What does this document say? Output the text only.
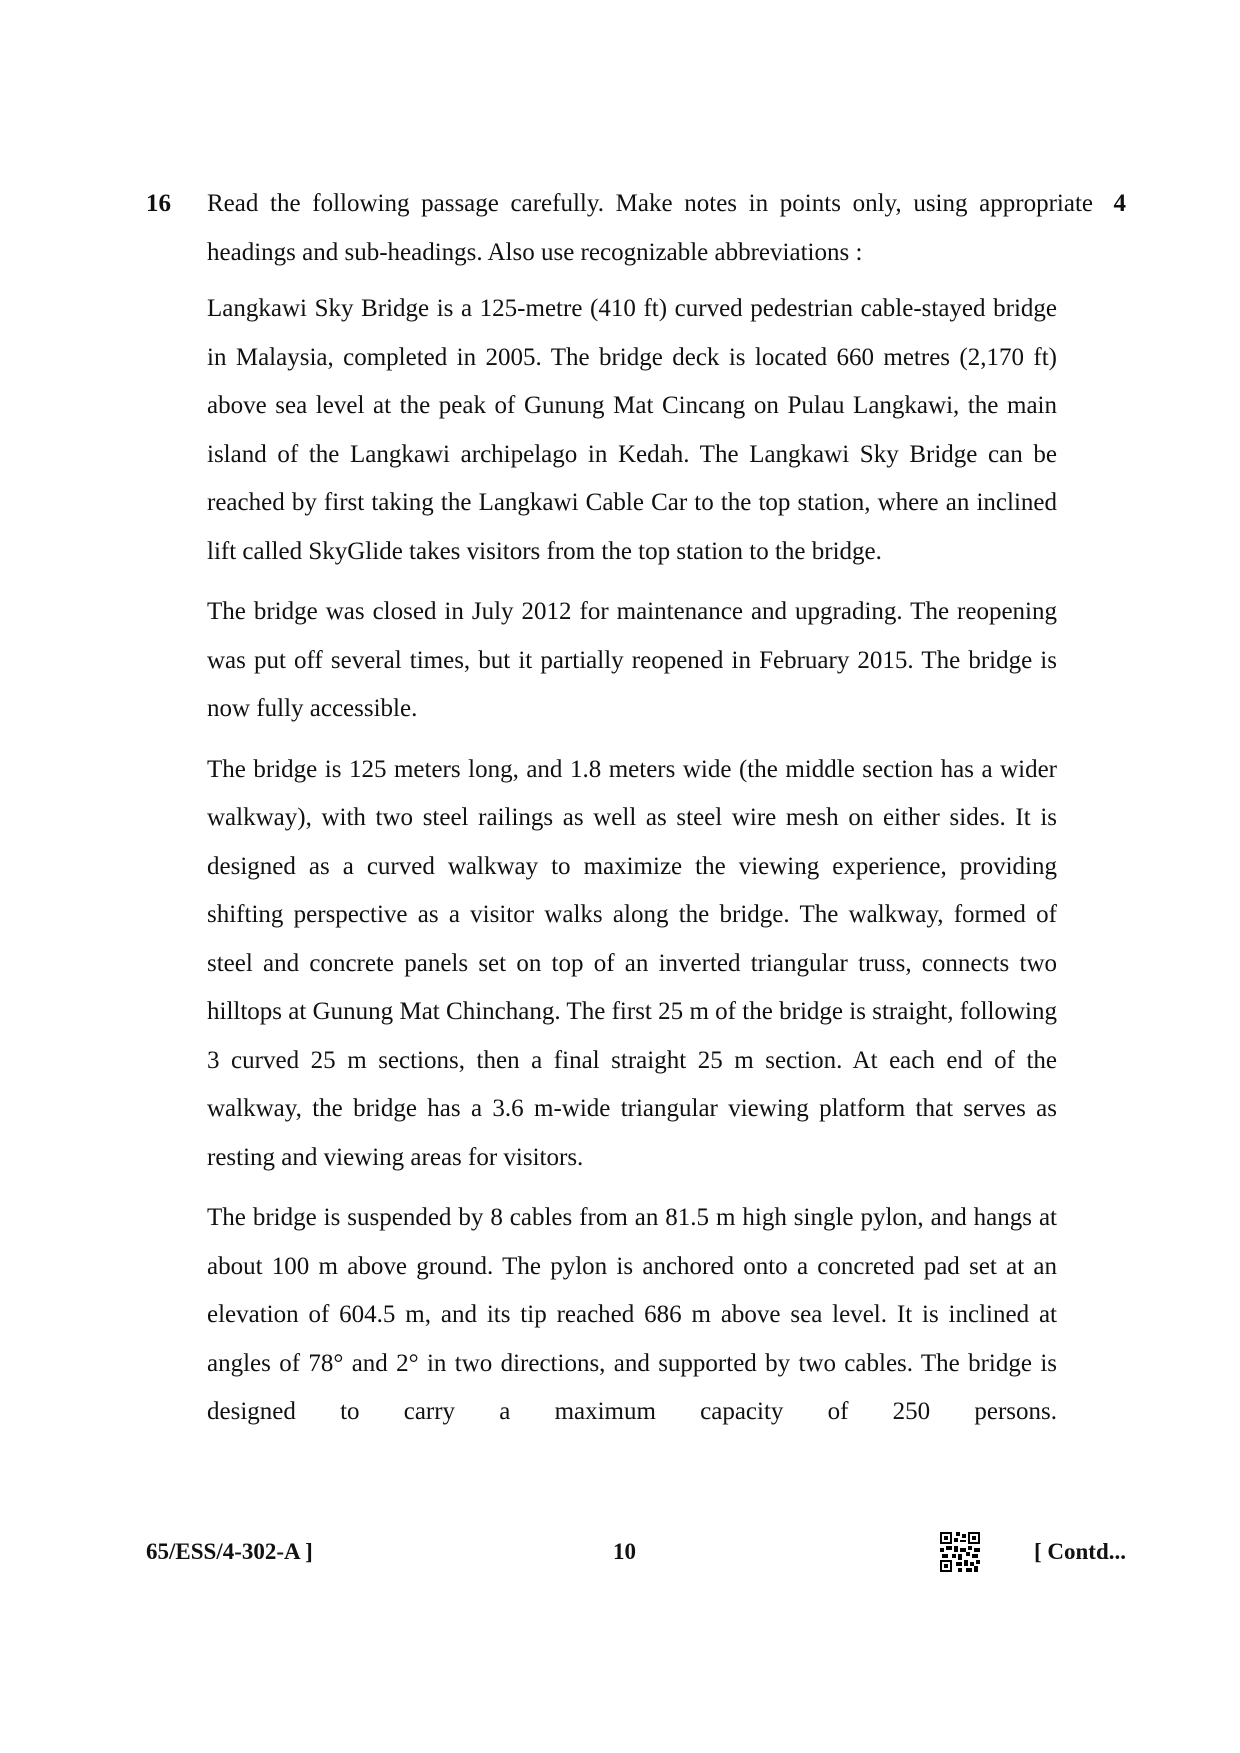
16 Read the following passage carefully. Make notes in points only, using appropriate headings and sub-headings. Also use recognizable abbreviations :
4

Langkawi Sky Bridge is a 125-metre (410 ft) curved pedestrian cable-stayed bridge in Malaysia, completed in 2005. The bridge deck is located 660 metres (2,170 ft) above sea level at the peak of Gunung Mat Cincang on Pulau Langkawi, the main island of the Langkawi archipelago in Kedah. The Langkawi Sky Bridge can be reached by first taking the Langkawi Cable Car to the top station, where an inclined lift called SkyGlide takes visitors from the top station to the bridge.

The bridge was closed in July 2012 for maintenance and upgrading. The reopening was put off several times, but it partially reopened in February 2015. The bridge is now fully accessible.

The bridge is 125 meters long, and 1.8 meters wide (the middle section has a wider walkway), with two steel railings as well as steel wire mesh on either sides. It is designed as a curved walkway to maximize the viewing experience, providing shifting perspective as a visitor walks along the bridge. The walkway, formed of steel and concrete panels set on top of an inverted triangular truss, connects two hilltops at Gunung Mat Chinchang. The first 25 m of the bridge is straight, following 3 curved 25 m sections, then a final straight 25 m section. At each end of the walkway, the bridge has a 3.6 m-wide triangular viewing platform that serves as resting and viewing areas for visitors.

The bridge is suspended by 8 cables from an 81.5 m high single pylon, and hangs at about 100 m above ground. The pylon is anchored onto a concreted pad set at an elevation of 604.5 m, and its tip reached 686 m above sea level. It is inclined at angles of 78° and 2° in two directions, and supported by two cables. The bridge is designed to carry a maximum capacity of 250 persons.

65/ESS/4-302-A ]	10	[ Contd...
